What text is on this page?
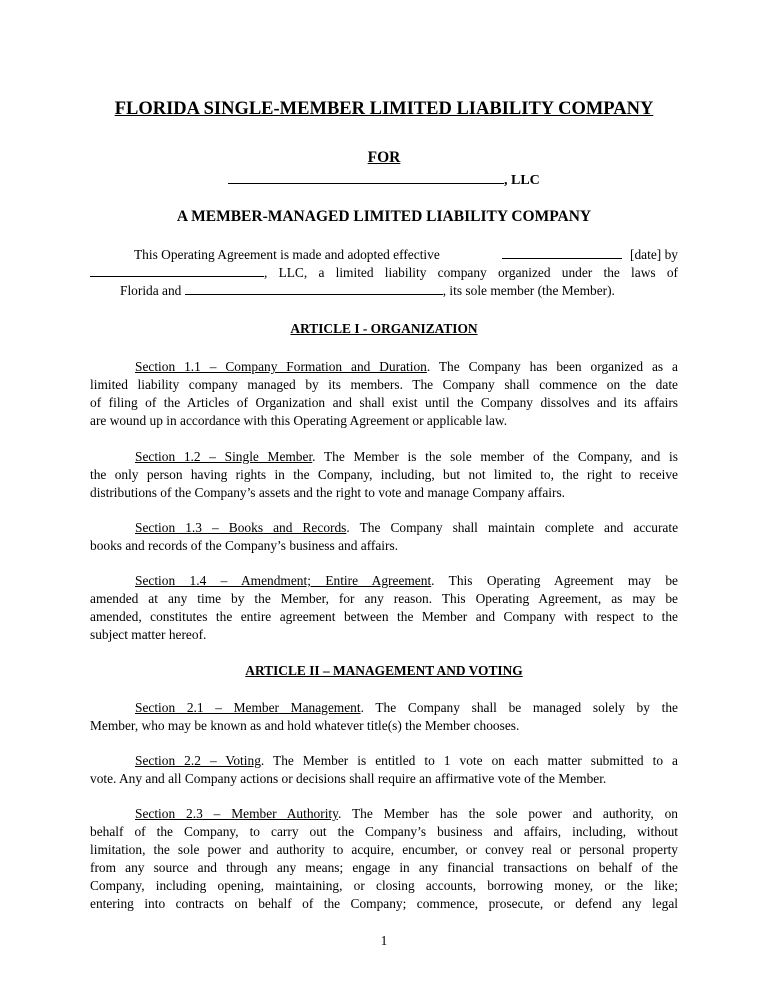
FLORIDA SINGLE-MEMBER LIMITED LIABILITY COMPANY
FOR
, LLC
A MEMBER-MANAGED LIMITED LIABILITY COMPANY
This Operating Agreement is made and adopted effective	[date] by
, LLC, a limited liability company organized under the laws of
Florida and	, its sole member (the Member).
ARTICLE I - ORGANIZATION
Section 1.1 – Company Formation and Duration. The Company has been organized as a
limited liability company managed by its members. The Company shall commence on the date
of filing of the Articles of Organization and shall exist until the Company dissolves and its affairs
are wound up in accordance with this Operating Agreement or applicable law.
Section 1.2 – Single Member. The Member is the sole member of the Company, and is
the only person having rights in the Company, including, but not limited to, the right to receive
distributions of the Company’s assets and the right to vote and manage Company affairs.
Section 1.3 – Books and Records. The Company shall maintain complete and accurate
books and records of the Company’s business and affairs.
Section 1.4 – Amendment; Entire Agreement. This Operating Agreement may be
amended at any time by the Member, for any reason. This Operating Agreement, as may be
amended, constitutes the entire agreement between the Member and Company with respect to the
subject matter hereof.
ARTICLE II – MANAGEMENT AND VOTING
Section 2.1 – Member Management. The Company shall be managed solely by the
Member, who may be known as and hold whatever title(s) the Member chooses.
Section 2.2 – Voting. The Member is entitled to 1 vote on each matter submitted to a
vote. Any and all Company actions or decisions shall require an affirmative vote of the Member.
Section 2.3 – Member Authority. The Member has the sole power and authority, on
behalf of the Company, to carry out the Company’s business and affairs, including, without
limitation, the sole power and authority to acquire, encumber, or convey real or personal property
from any source and through any means; engage in any financial transactions on behalf of the
Company, including opening, maintaining, or closing accounts, borrowing money, or the like;
entering into contracts on behalf of the Company; commence, prosecute, or defend any legal
1
